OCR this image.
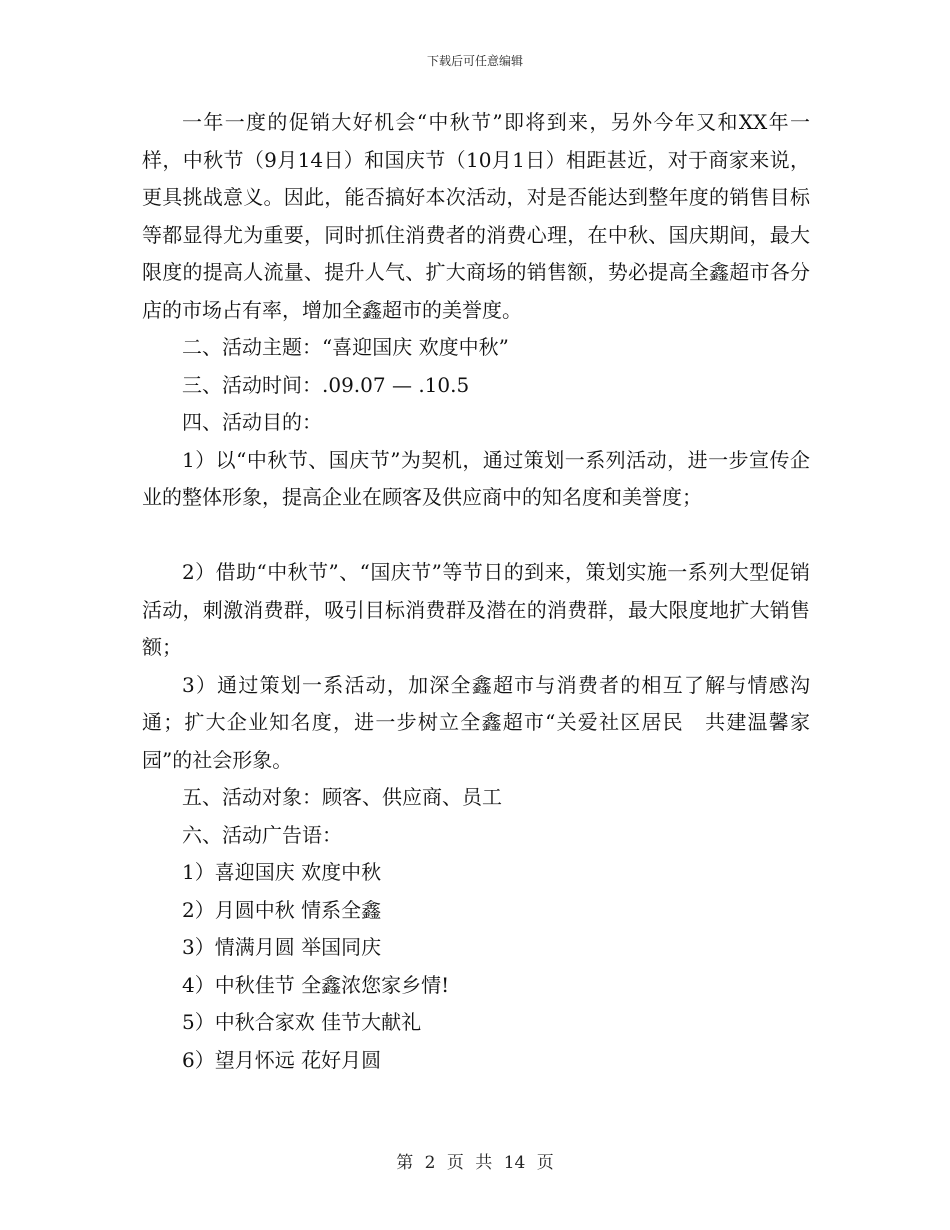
下载后可任意编辑

一年一度的促销大好机会“中秋节”即将到来，另外今年又和XX年一样，中秋节（9月14日）和国庆节（10月1日）相距甚近，对于商家来说，更具挑战意义。因此，能否搞好本次活动，对是否能达到整年度的销售目标等都显得尤为重要，同时抓住消费者的消费心理，在中秋、国庆期间，最大限度的提高人流量、提升人气、扩大商场的销售额，势必提高全鑫超市各分店的市场占有率，增加全鑫超市的美誉度。

二、活动主题：“喜迎国庆 欢度中秋”

三、活动时间：.09.07 — .10.5

四、活动目的：

1）以“中秋节、国庆节”为契机，通过策划一系列活动，进一步宣传企业的整体形象，提高企业在顾客及供应商中的知名度和美誉度；

2）借助“中秋节”、“国庆节”等节日的到来，策划实施一系列大型促销活动，刺激消费群，吸引目标消费群及潜在的消费群，最大限度地扩大销售额；

3）通过策划一系活动，加深全鑫超市与消费者的相互了解与情感沟通；扩大企业知名度，进一步树立全鑫超市“关爱社区居民　共建温馨家园”的社会形象。

五、活动对象：顾客、供应商、员工

六、活动广告语：

1）喜迎国庆 欢度中秋

2）月圆中秋 情系全鑫

3）情满月圆 举国同庆

4）中秋佳节 全鑫浓您家乡情!

5）中秋合家欢 佳节大献礼

6）望月怀远 花好月圆

第 2 页 共 14 页
